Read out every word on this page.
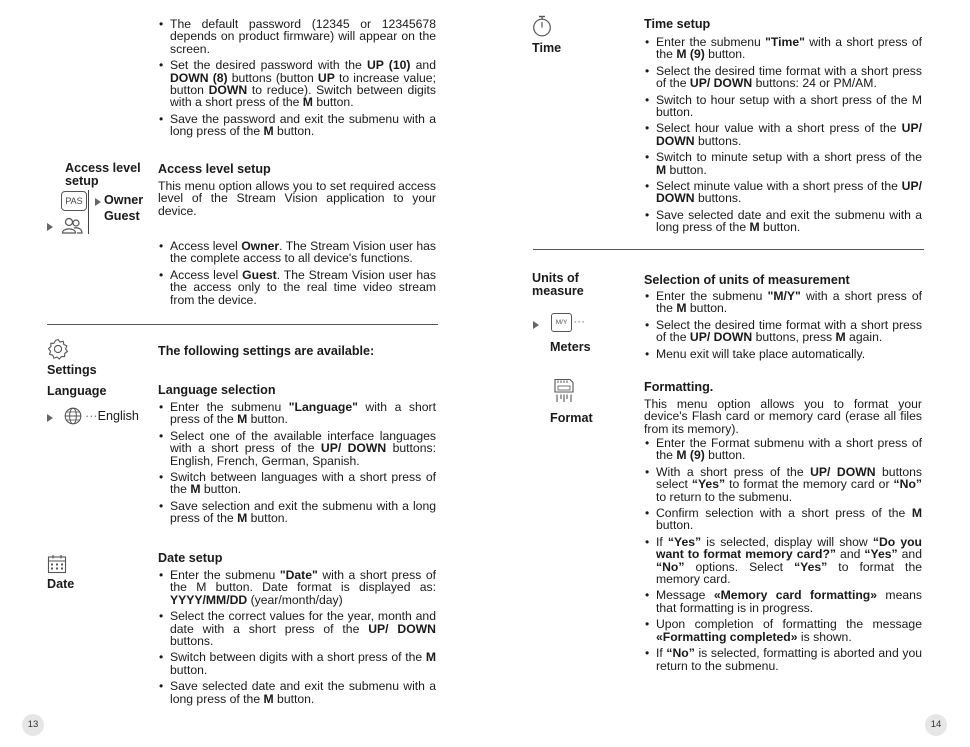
• The default password (12345 or 12345678 depends on product firmware) will appear on the screen.
• Set the desired password with the UP (10) and DOWN (8) buttons (button UP to increase value; button DOWN to reduce). Switch between digits with a short press of the M button.
• Save the password and exit the submenu with a long press of the M button.
Access level setup
PAS	Owner
Guest
Access level setup

This menu option allows you to set required access level of the Stream Vision application to your device.

• Access level Owner. The Stream Vision user has the complete access to all device's functions.
• Access level Guest. The Stream Vision user has the access only to the real time video stream from the device.
Settings
The following settings are available:
Language
···English
Language selection
• Enter the submenu "Language" with a short press of the M button.
• Select one of the available interface languages with a short press of the UP/ DOWN buttons: English, French, German, Spanish.
• Switch between languages with a short press of the M button.
• Save selection and exit the submenu with a long press of the M button.
Date
Date setup
• Enter the submenu "Date" with a short press of the M button. Date format is displayed as: YYYY/MM/DD (year/month/day)
• Select the correct values for the year, month and date with a short press of the UP/ DOWN buttons.
• Switch between digits with a short press of the M button.
• Save selected date and exit the submenu with a long press of the M button.
13
Time
Time setup
• Enter the submenu "Time" with a short press of the M (9) button.
• Select the desired time format with a short press of the UP/ DOWN buttons: 24 or PM/AM.
• Switch to hour setup with a short press of the M button.
• Select hour value with a short press of the UP/ DOWN buttons.
• Switch to minute setup with a short press of the M button.
• Select minute value with a short press of the UP/ DOWN buttons.
• Save selected date and exit the submenu with a long press of the M button.
Units of measure
M/Y ···
Meters
Selection of units of measurement
• Enter the submenu "M/Y" with a short press of the M button.
• Select the desired time format with a short press of the UP/ DOWN buttons, press M again.
• Menu exit will take place automatically.
Format
Formatting.

This menu option allows you to format your device's Flash card or memory card (erase all files from its memory).

• Enter the Format submenu with a short press of the M (9) button.
• With a short press of the UP/ DOWN buttons select “Yes” to format the memory card or “No” to return to the submenu.
• Confirm selection with a short press of the M button.
• If “Yes” is selected, display will show “Do you want to format memory card?” and “Yes” and “No” options. Select “Yes” to format the memory card.
• Message «Memory card formatting» means that formatting is in progress.
• Upon completion of formatting the message «Formatting completed» is shown.
• If “No” is selected, formatting is aborted and you return to the submenu.
14
